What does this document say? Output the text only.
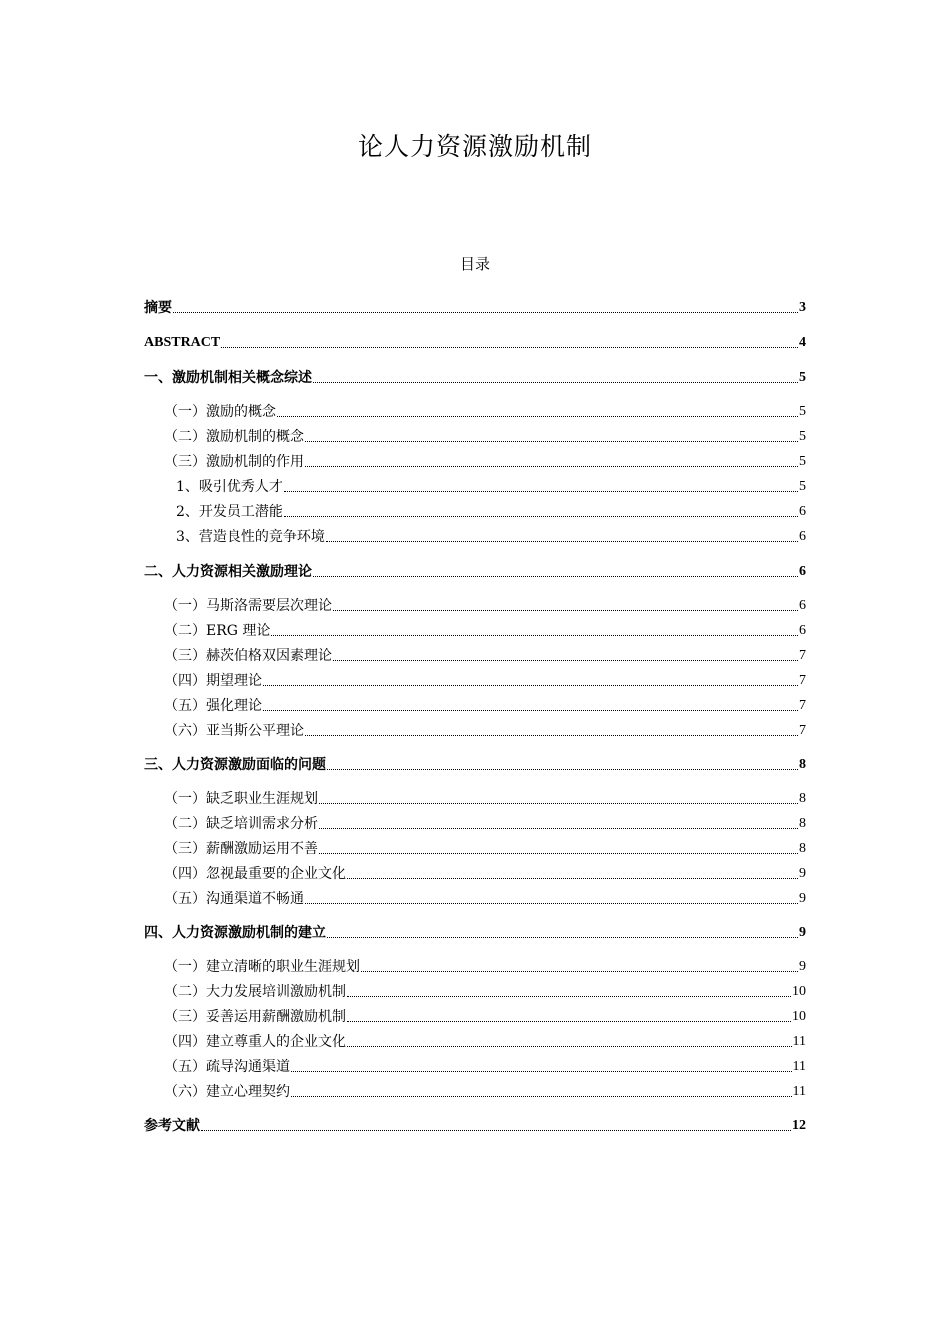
论人力资源激励机制
目录
摘要	3
ABSTRACT	4
一、激励机制相关概念综述	5
（一）激励的概念	5
（二）激励机制的概念	5
（三）激励机制的作用	5
1、吸引优秀人才	5
2、开发员工潜能	6
3、营造良性的竞争环境	6
二、人力资源相关激励理论	6
（一）马斯洛需要层次理论	6
（二）ERG 理论	6
（三）赫茨伯格双因素理论	7
（四）期望理论	7
（五）强化理论	7
（六）亚当斯公平理论	7
三、人力资源激励面临的问题	8
（一）缺乏职业生涯规划	8
（二）缺乏培训需求分析	8
（三）薪酬激励运用不善	8
（四）忽视最重要的企业文化	9
（五）沟通渠道不畅通	9
四、人力资源激励机制的建立	9
（一）建立清晰的职业生涯规划	9
（二）大力发展培训激励机制	10
（三）妥善运用薪酬激励机制	10
（四）建立尊重人的企业文化	11
（五）疏导沟通渠道	11
（六）建立心理契约	11
参考文献	12
